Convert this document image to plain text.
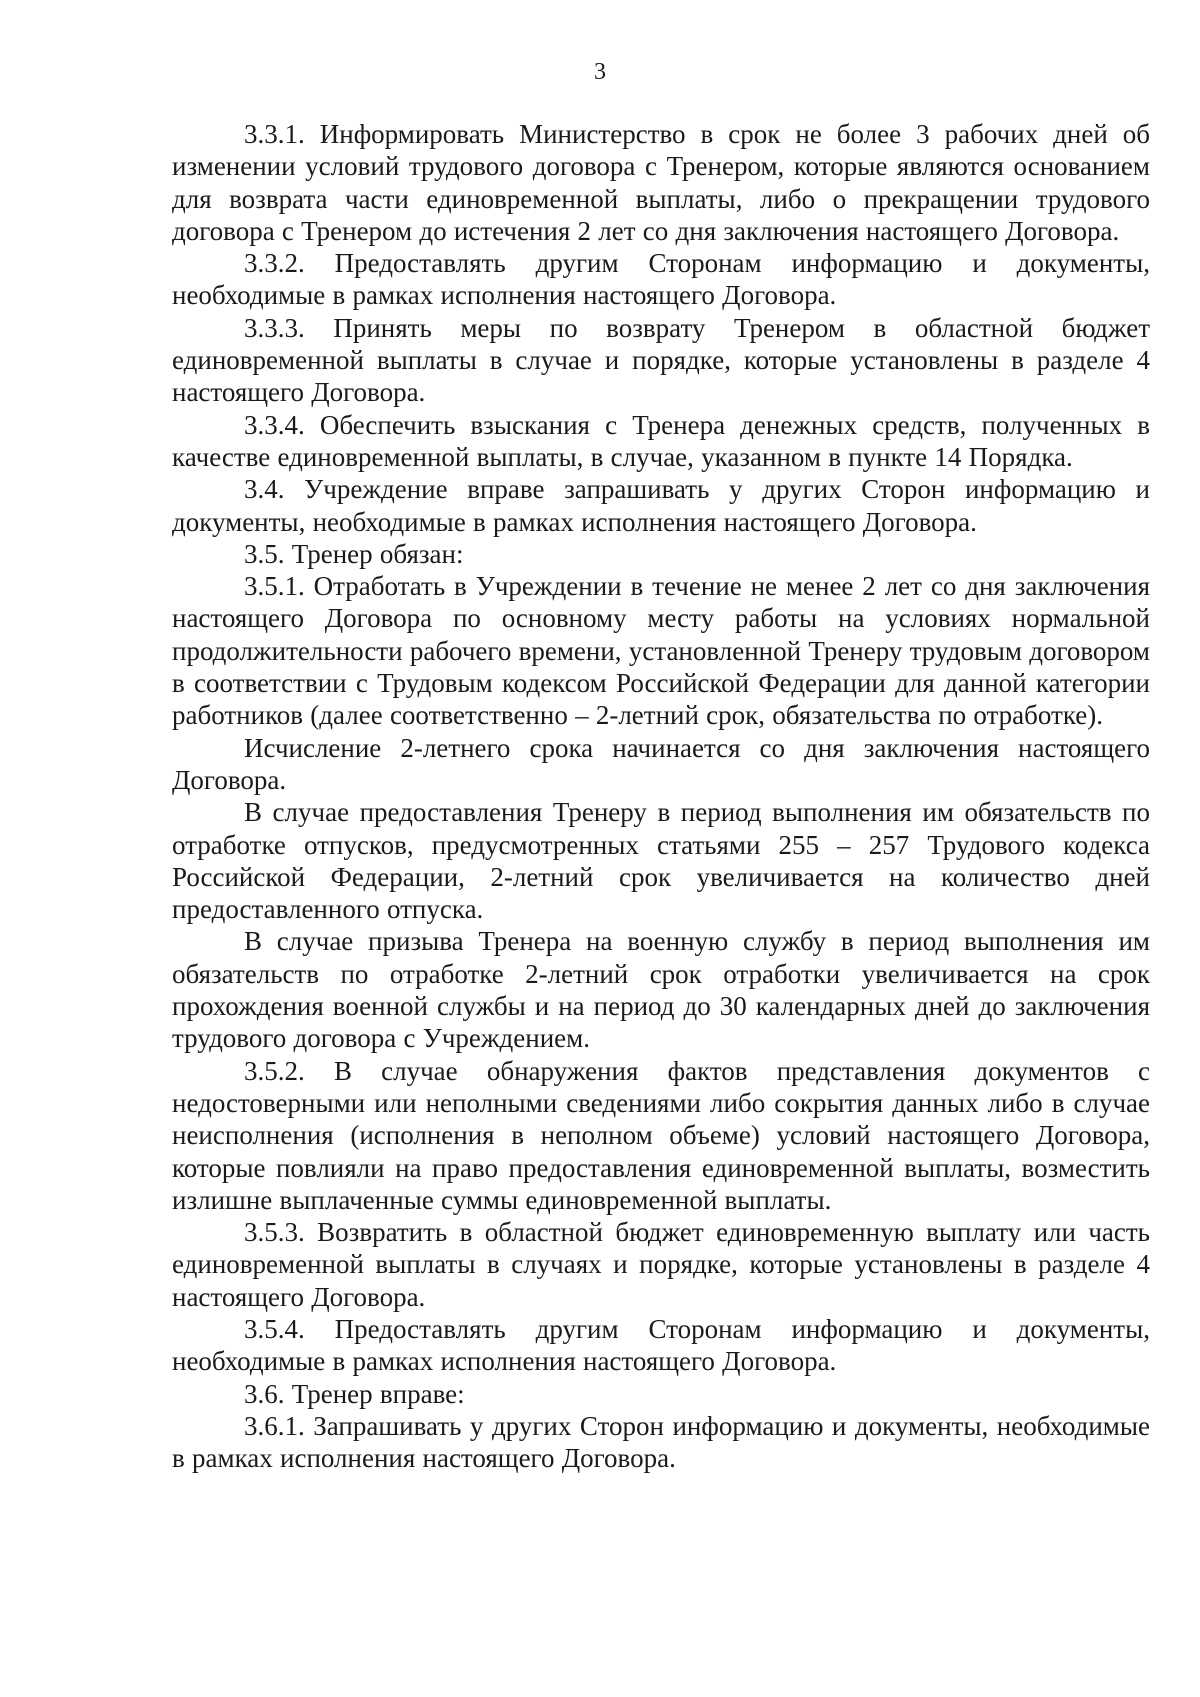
3

3.3.1. Информировать Министерство в срок не более 3 рабочих дней об изменении условий трудового договора с Тренером, которые являются основанием для возврата части единовременной выплаты, либо о прекращении трудового договора с Тренером до истечения 2 лет со дня заключения настоящего Договора.

3.3.2. Предоставлять другим Сторонам информацию и документы, необходимые в рамках исполнения настоящего Договора.

3.3.3. Принять меры по возврату Тренером в областной бюджет единовременной выплаты в случае и порядке, которые установлены в разделе 4 настоящего Договора.

3.3.4. Обеспечить взыскания с Тренера денежных средств, полученных в качестве единовременной выплаты, в случае, указанном в пункте 14 Порядка.

3.4. Учреждение вправе запрашивать у других Сторон информацию и документы, необходимые в рамках исполнения настоящего Договора.

3.5. Тренер обязан:

3.5.1. Отработать в Учреждении в течение не менее 2 лет со дня заключения настоящего Договора по основному месту работы на условиях нормальной продолжительности рабочего времени, установленной Тренеру трудовым договором в соответствии с Трудовым кодексом Российской Федерации для данной категории работников (далее соответственно – 2-летний срок, обязательства по отработке).

Исчисление 2-летнего срока начинается со дня заключения настоящего Договора.

В случае предоставления Тренеру в период выполнения им обязательств по отработке отпусков, предусмотренных статьями 255 – 257 Трудового кодекса Российской Федерации, 2-летний срок увеличивается на количество дней предоставленного отпуска.

В случае призыва Тренера на военную службу в период выполнения им обязательств по отработке 2-летний срок отработки увеличивается на срок прохождения военной службы и на период до 30 календарных дней до заключения трудового договора с Учреждением.

3.5.2. В случае обнаружения фактов представления документов с недостоверными или неполными сведениями либо сокрытия данных либо в случае неисполнения (исполнения в неполном объеме) условий настоящего Договора, которые повлияли на право предоставления единовременной выплаты, возместить излишне выплаченные суммы единовременной выплаты.

3.5.3. Возвратить в областной бюджет единовременную выплату или часть единовременной выплаты в случаях и порядке, которые установлены в разделе 4 настоящего Договора.

3.5.4. Предоставлять другим Сторонам информацию и документы, необходимые в рамках исполнения настоящего Договора.

3.6. Тренер вправе:

3.6.1. Запрашивать у других Сторон информацию и документы, необходимые в рамках исполнения настоящего Договора.
